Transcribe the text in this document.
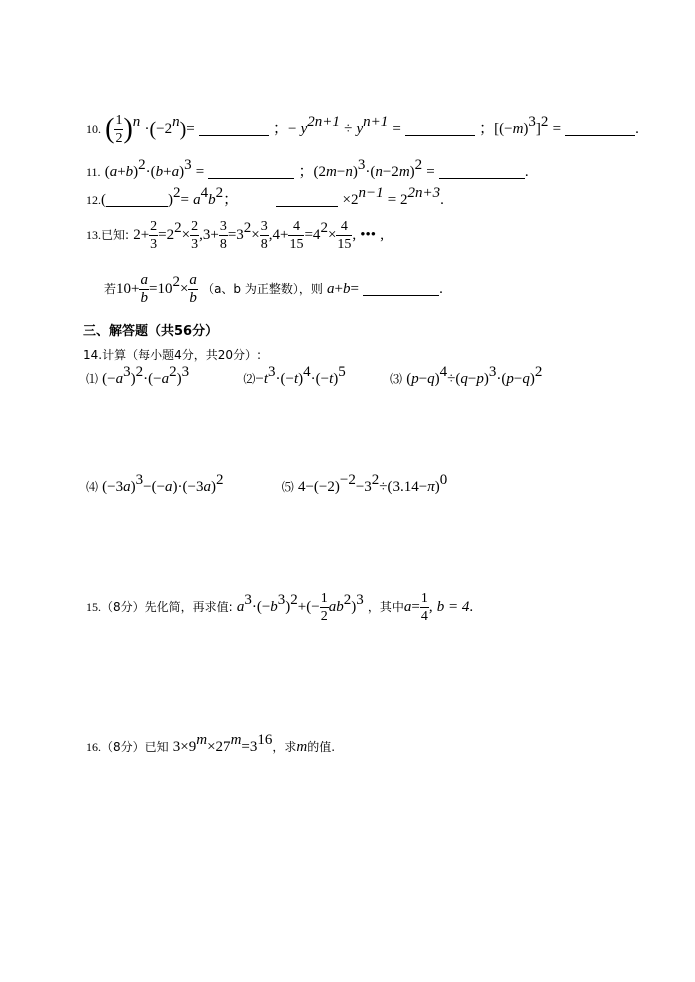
10. ( $\frac{1}{2} )^n \cdot(-2^n)=$	；− $y^{2n+1} \div y^{n+1}$ =	；$[(-m)^3]^2$ =	.
11. $(a+b)^2\cdot(b+a)^3$ =	；$(2m-n)^3\cdot(n-2m)^2$ =	.
12.(	)$^2= a^4b^2$；	$\times 2^{n-1} = 2^{2n+3}$.
13.已知: $2+ \frac{2}{3} =2^2\times \frac{2}{3} ,3+ \frac{3}{8} =3^2\times \frac{3}{8} ,4+ \frac{4}{15} =4^2\times \frac{4}{15}$ , ••• ,
若$10+ \frac{a}{b} =10^2\times \frac{a}{b} (a$、b 为正整数），则 a+b=	.
三、解答题（共56分）
14.计算（每小题4分，共20分）:
⑴ $(-a^3)^2\cdot(-a^2)^3$	$⑵-t^3\cdot(-t)^4\cdot(-t)^5$	⑶ $(p-q)^4\div(q-p)^3\cdot(p-q)^2$
⑷ $(-3a)^3-(-a)\cdot(-3a)^2$	⑸ $4-(-2)^{-2}-3^2\div(3.14-\pi)^0$
15.（8分）先化简，再求值: $a^3\cdot(-b^3)^2+(- \frac{1}{2} ab^2)^3$ ，其中$a= \frac{1}{4}$ , b = 4.
16.（8分）已知 $3\times 9^m\times 27^m=3^{16}$，求m的值.
